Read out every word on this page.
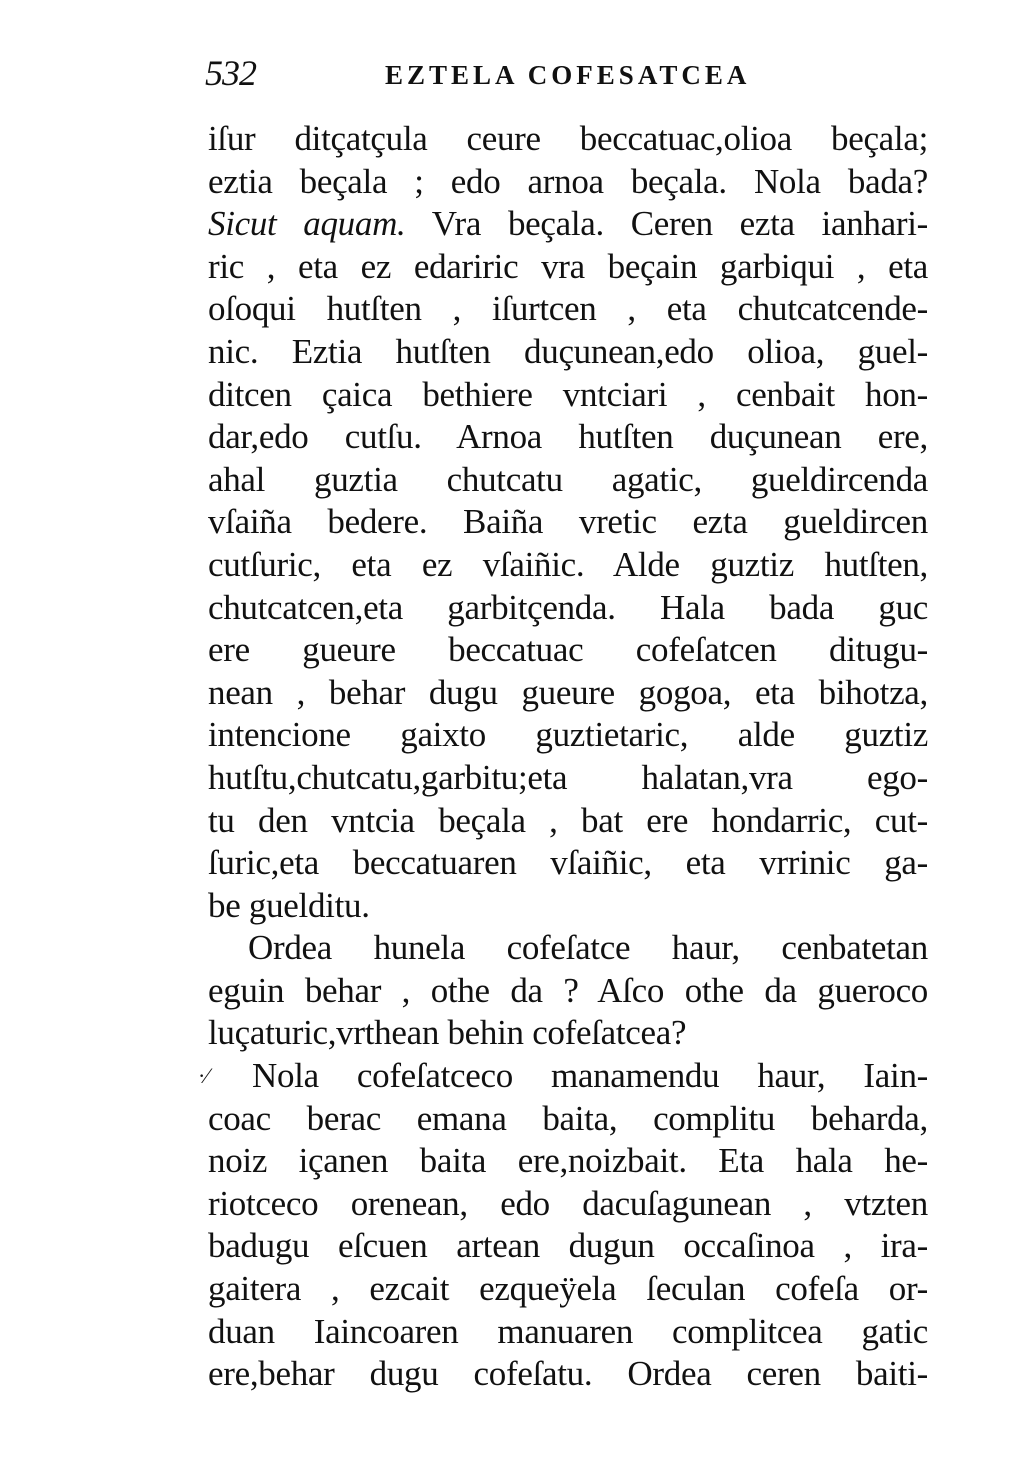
532	EZTELA COFESATCEA
iſur ditçatçula ceure beccatuac,olioa beçala;
eztia beçala ; edo arnoa beçala. Nola bada?
Sicut aquam. Vra beçala. Ceren ezta ianhari-
ric , eta ez edariric vra beçain garbiqui , eta
oſoqui hutſten , iſurtcen , eta chutcatcende-
nic. Eztia hutſten duçunean,edo olioa, guel-
ditcen çaica bethiere vntciari , cenbait hon-
dar,edo cutſu. Arnoa hutſten duçunean ere,
ahal guztia chutcatu agatic, gueldircenda
vſaiña bedere. Baiña vretic ezta gueldircen
cutſuric, eta ez vſaiñic. Alde guztiz hutſten,
chutcatcen,eta garbitçenda. Hala bada guc
ere gueure beccatuac cofeſatcen ditugu-
nean , behar dugu gueure gogoa, eta bihotza,
intencione gaixto guztietaric, alde guztiz
hutſtu,chutcatu,garbitu;eta halatan,vra ego-
tu den vntcia beçala , bat ere hondarric, cut-
ſuric,eta beccatuaren vſaiñic, eta vrrinic ga-
be guelditu.
Ordea hunela cofeſatce haur, cenbatetan
eguin behar , othe da ? Aſco othe da gueroco
luçaturic,vrthean behin cofeſatcea?
·⁄ Nola cofeſatceco manamendu haur, Iain-
coac berac emana baita, complitu beharda,
noiz içanen baita ere,noizbait. Eta hala he-
riotceco orenean, edo dacuſagunean , vtzten
badugu eſcuen artean dugun occaſinoa , ira-
gaitera , ezcait ezqueÿela ſeculan cofeſa or-
duan Iaincoaren manuaren complitcea gatic
ere,behar dugu cofeſatu. Ordea ceren baiti-
